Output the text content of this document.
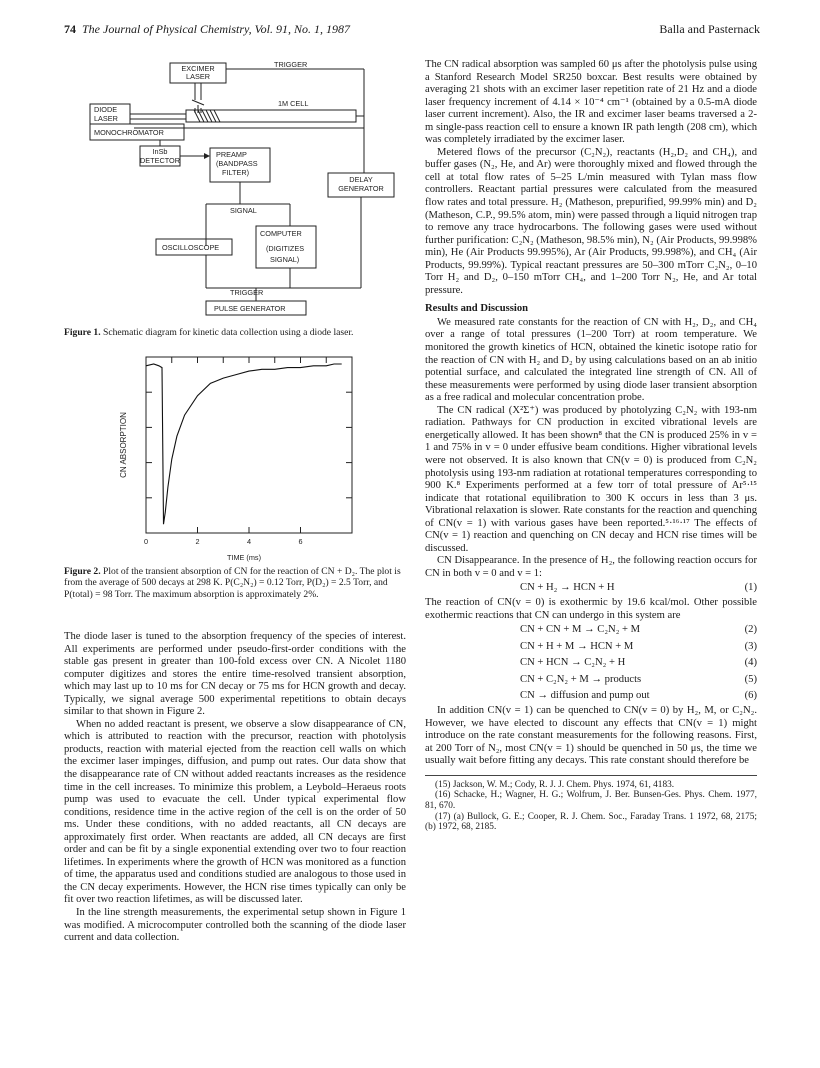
74 The Journal of Physical Chemistry, Vol. 91, No. 1, 1987	Balla and Pasternack
EXCIMER
LASER
TRIGGER
1M CELL
DIODE
LASER
MONOCHROMATOR
InSb
DETECTOR
PREAMP
(BANDPASS
FILTER)
DELAY
GENERATOR
SIGNAL
OSCILLOSCOPE
COMPUTER
(DIGITIZES
SIGNAL)
TRIGGER
PULSE GENERATOR
Figure 1. Schematic diagram for kinetic data collection using a diode laser.
CN ABSORPTION
TIME (ms)
0	2	4	6
Figure 2. Plot of the transient absorption of CN for the reaction of CN + D₂. The plot is from the average of 500 decays at 298 K. P(C₂N₂) = 0.12 Torr, P(D₂) = 2.5 Torr, and P(total) = 98 Torr. The maximum absorption is approximately 2%.

The diode laser is tuned to the absorption frequency of the species of interest. All experiments are performed under pseudo-first-order conditions with the stable gas present in greater than 100-fold excess over CN. A Nicolet 1180 computer digitizes and stores the entire time-resolved transient absorption, which may last up to 10 ms for CN decay or 75 ms for HCN growth and decay. Typically, we signal average 500 experimental repetitions to obtain decays similar to that shown in Figure 2.

When no added reactant is present, we observe a slow disappearance of CN, which is attributed to reaction with the precursor, reaction with photolysis products, reaction with material ejected from the reaction cell walls on which the excimer laser impinges, diffusion, and pump out rates. Our data show that the disappearance rate of CN without added reactants increases as the residence time in the cell increases. To minimize this problem, a Leybold–Heraeus roots pump was used to evacuate the cell. Under typical experimental flow conditions, residence time in the active region of the cell is on the order of 50 ms. Under these conditions, with no added reactants, all CN decays are approximately first order. When reactants are added, all CN decays are first order and can be fit by a single exponential extending over two to four reaction lifetimes. In experiments where the growth of HCN was monitored as a function of time, the apparatus used and conditions studied are analogous to those used in the CN decay experiments. However, the HCN rise times typically can only be fit over two reaction lifetimes, as will be discussed later.

In the line strength measurements, the experimental setup shown in Figure 1 was modified. A microcomputer controlled both the scanning of the diode laser current and data collection.

The CN radical absorption was sampled 60 μs after the photolysis pulse using a Stanford Research Model SR250 boxcar. Best results were obtained by averaging 21 shots with an excimer laser repetition rate of 21 Hz and a diode laser frequency increment of 4.14 × 10⁻⁴ cm⁻¹ (obtained by a 0.5-mA diode laser current increment). Also, the IR and excimer laser beams traversed a 2-m single-pass reaction cell to ensure a known IR path length (208 cm), which was completely irradiated by the excimer laser.

Metered flows of the precursor (C₂N₂), reactants (H₂,D₂ and CH₄), and buffer gases (N₂, He, and Ar) were thoroughly mixed and flowed through the cell at total flow rates of 5–25 L/min measured with Tylan mass flow controllers. Reactant partial pressures were calculated from the measured flow rates and total pressure. H₂ (Matheson, prepurified, 99.99% min) and D₂ (Matheson, C.P., 99.5% atom, min) were passed through a liquid nitrogen trap to remove any trace hydrocarbons. The following gases were used without further purification: C₂N₂ (Matheson, 98.5% min), N₂ (Air Products, 99.998% min), He (Air Products 99.995%), Ar (Air Products, 99.998%), and CH₄ (Air Products, 99.99%). Typical reactant pressures are 50–300 mTorr C₂N₂, 0–10 Torr H₂ and D₂, 0–150 mTorr CH₄, and 1–200 Torr N₂, He, and Ar total pressure.

Results and Discussion

We measured rate constants for the reaction of CN with H₂, D₂, and CH₄ over a range of total pressures (1–200 Torr) at room temperature. We monitored the growth kinetics of HCN, obtained the kinetic isotope ratio for the reaction of CN with H₂ and D₂ by using calculations based on an ab initio potential surface, and calculated the integrated line strength of CN. All of these measurements were performed by using diode laser transient absorption as a free radical and molecular concentration probe.

The CN radical (X²Σ⁺) was produced by photolyzing C₂N₂ with 193-nm radiation. Pathways for CN production in excited vibrational levels are energetically allowed. It has been shown⁸ that the CN is produced 25% in v = 1 and 75% in v = 0 under effusive beam conditions. Higher vibrational levels were not observed. It is also known that CN(v = 0) is produced from C₂N₂ photolysis using 193-nm radiation at rotational temperatures corresponding to 900 K.⁸ Experiments performed at a few torr of total pressure of Ar⁵·¹⁵ indicate that rotational equilibration to 300 K occurs in less than 3 μs. Vibrational relaxation is slower. Rate constants for the reaction and quenching of CN(v = 1) with various gases have been reported.⁵·¹⁶·¹⁷ The effects of CN(v = 1) reaction and quenching on CN decay and HCN rise times will be discussed.

CN Disappearance. In the presence of H₂, the following reaction occurs for CN in both v = 0 and v = 1:

CN + H₂ → HCN + H	(1)

The reaction of CN(v = 0) is exothermic by 19.6 kcal/mol. Other possible exothermic reactions that CN can undergo in this system are

CN + CN + M → C₂N₂ + M	(2)
CN + H + M → HCN + M	(3)
CN + HCN → C₂N₂ + H	(4)
CN + C₂N₂ + M → products	(5)
CN → diffusion and pump out	(6)

In addition CN(v = 1) can be quenched to CN(v = 0) by H₂, M, or C₂N₂. However, we have elected to discount any effects that CN(v = 1) might introduce on the rate constant measurements for the following reasons. First, at 200 Torr of N₂, most CN(v = 1) should be quenched in 50 μs, the time we usually wait before fitting any decays. This rate constant should therefore be

(15) Jackson, W. M.; Cody, R. J. J. Chem. Phys. 1974, 61, 4183.
(16) Schacke, H.; Wagner, H. G.; Wolfrum, J. Ber. Bunsen-Ges. Phys. Chem. 1977, 81, 670.
(17) (a) Bullock, G. E.; Cooper, R. J. Chem. Soc., Faraday Trans. 1 1972, 68, 2175; (b) 1972, 68, 2185.
